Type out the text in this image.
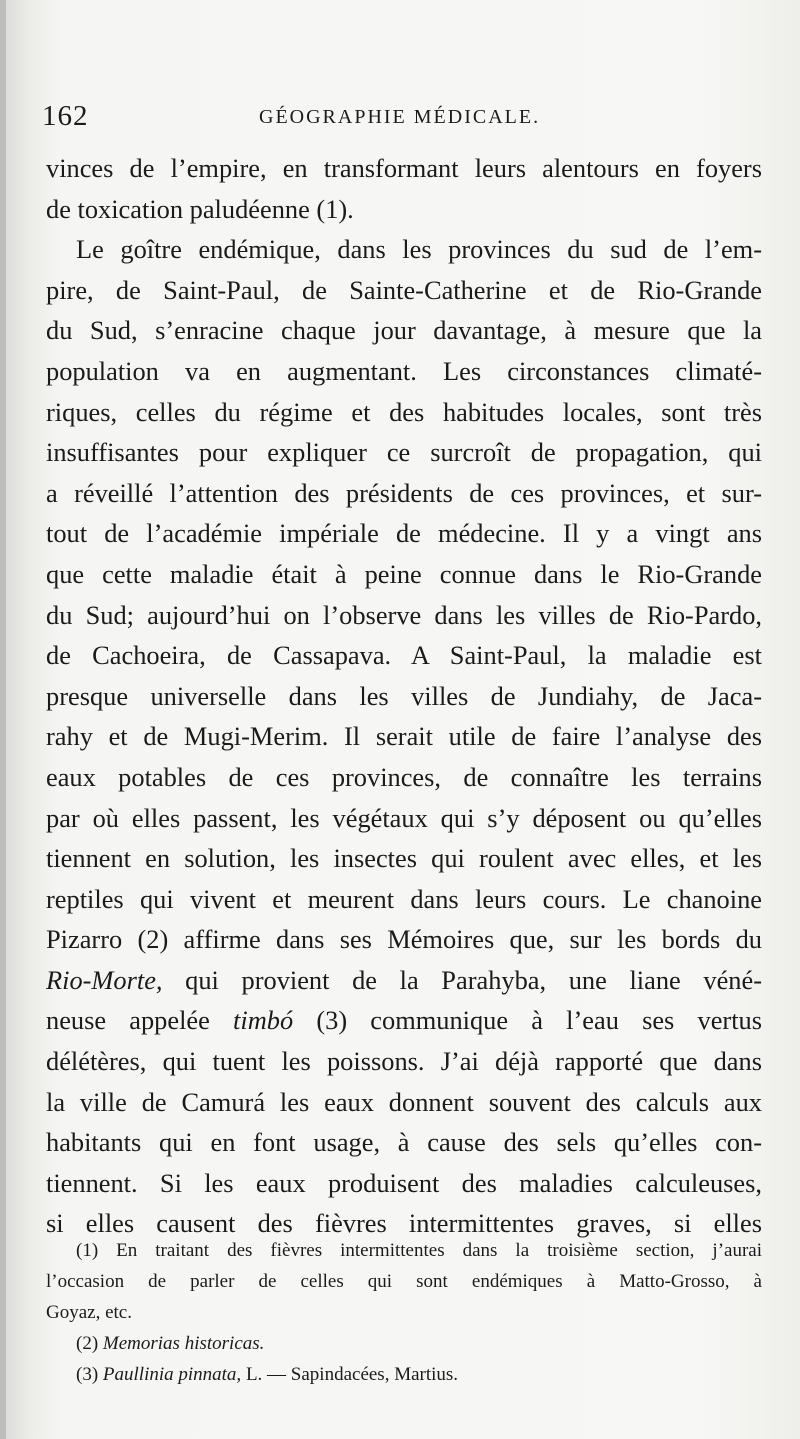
162	GÉOGRAPHIE MÉDICALE.
vinces de l’empire, en transformant leurs alentours en foyers
de toxication paludéenne (1).
Le goître endémique, dans les provinces du sud de l’em-
pire, de Saint-Paul, de Sainte-Catherine et de Rio-Grande
du Sud, s’enracine chaque jour davantage, à mesure que la
population va en augmentant. Les circonstances climaté-
riques, celles du régime et des habitudes locales, sont très
insuffisantes pour expliquer ce surcroît de propagation, qui
a réveillé l’attention des présidents de ces provinces, et sur-
tout de l’académie impériale de médecine. Il y a vingt ans
que cette maladie était à peine connue dans le Rio-Grande
du Sud; aujourd’hui on l’observe dans les villes de Rio-Pardo,
de Cachoeira, de Cassapava. A Saint-Paul, la maladie est
presque universelle dans les villes de Jundiahy, de Jaca-
rahy et de Mugi-Merim. Il serait utile de faire l’analyse des
eaux potables de ces provinces, de connaître les terrains
par où elles passent, les végétaux qui s’y déposent ou qu’elles
tiennent en solution, les insectes qui roulent avec elles, et les
reptiles qui vivent et meurent dans leurs cours. Le chanoine
Pizarro (2) affirme dans ses Mémoires que, sur les bords du
Rio-Morte, qui provient de la Parahyba, une liane véné-
neuse appelée timbó (3) communique à l’eau ses vertus
délétères, qui tuent les poissons. J’ai déjà rapporté que dans
la ville de Camurá les eaux donnent souvent des calculs aux
habitants qui en font usage, à cause des sels qu’elles con-
tiennent. Si les eaux produisent des maladies calculeuses,
si elles causent des fièvres intermittentes graves, si elles
(1) En traitant des fièvres intermittentes dans la troisième section, j’aurai
l’occasion de parler de celles qui sont endémiques à Matto-Grosso, à
Goyaz, etc.
(2) Memorias historicas.
(3) Paullinia pinnata, L. — Sapindacées, Martius.
